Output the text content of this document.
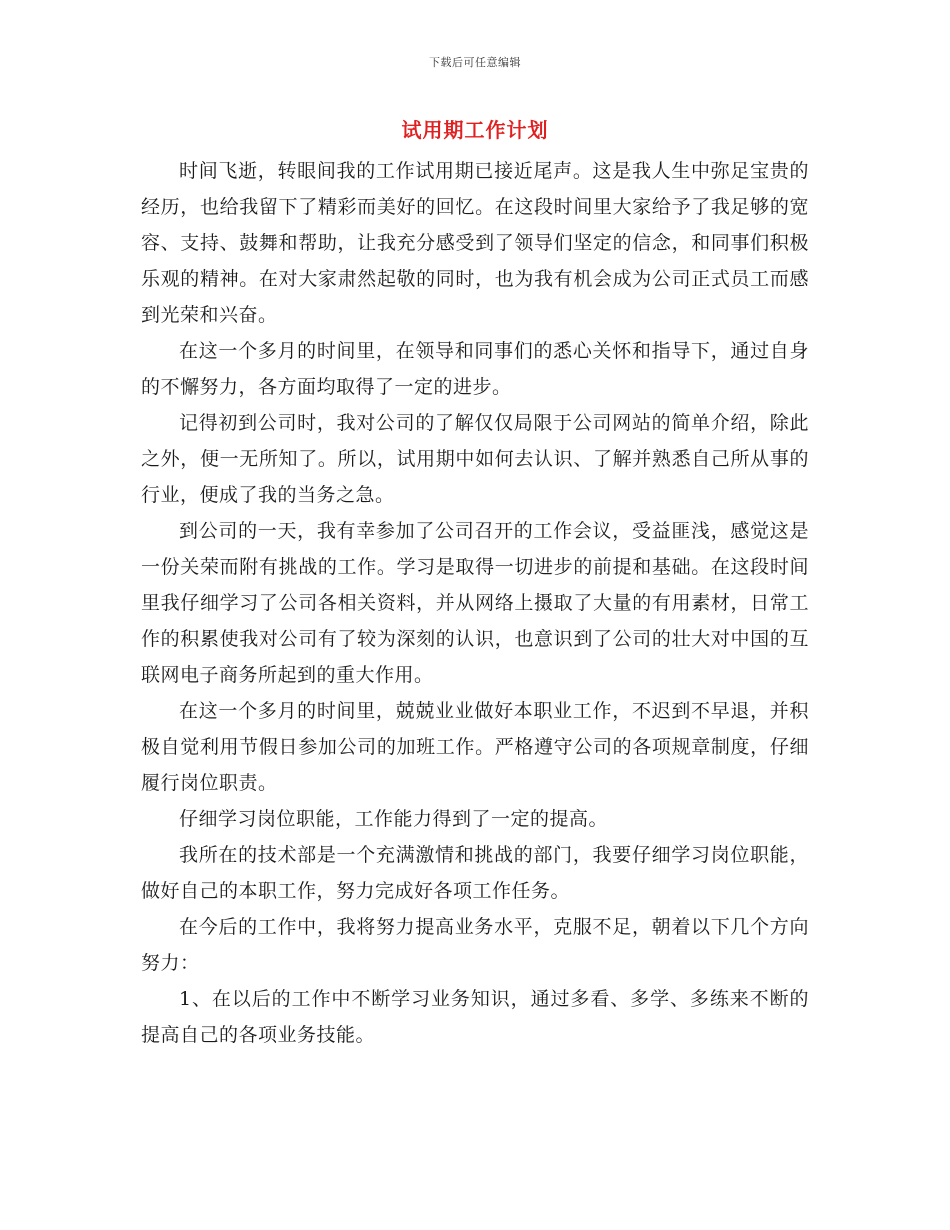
下载后可任意编辑
试用期工作计划

时间飞逝，转眼间我的工作试用期已接近尾声。这是我人生中弥足宝贵的经历，也给我留下了精彩而美好的回忆。在这段时间里大家给予了我足够的宽容、支持、鼓舞和帮助，让我充分感受到了领导们坚定的信念，和同事们积极乐观的精神。在对大家肃然起敬的同时，也为我有机会成为公司正式员工而感到光荣和兴奋。

在这一个多月的时间里，在领导和同事们的悉心关怀和指导下，通过自身的不懈努力，各方面均取得了一定的进步。

记得初到公司时，我对公司的了解仅仅局限于公司网站的简单介绍，除此之外，便一无所知了。所以，试用期中如何去认识、了解并熟悉自己所从事的行业，便成了我的当务之急。

到公司的一天，我有幸参加了公司召开的工作会议，受益匪浅，感觉这是一份关荣而附有挑战的工作。学习是取得一切进步的前提和基础。在这段时间里我仔细学习了公司各相关资料，并从网络上摄取了大量的有用素材，日常工作的积累使我对公司有了较为深刻的认识，也意识到了公司的壮大对中国的互联网电子商务所起到的重大作用。

在这一个多月的时间里，兢兢业业做好本职业工作，不迟到不早退，并积极自觉利用节假日参加公司的加班工作。严格遵守公司的各项规章制度，仔细履行岗位职责。

仔细学习岗位职能，工作能力得到了一定的提高。

我所在的技术部是一个充满激情和挑战的部门，我要仔细学习岗位职能，做好自己的本职工作，努力完成好各项工作任务。

在今后的工作中，我将努力提高业务水平，克服不足，朝着以下几个方向努力：

1、在以后的工作中不断学习业务知识，通过多看、多学、多练来不断的提高自己的各项业务技能。
